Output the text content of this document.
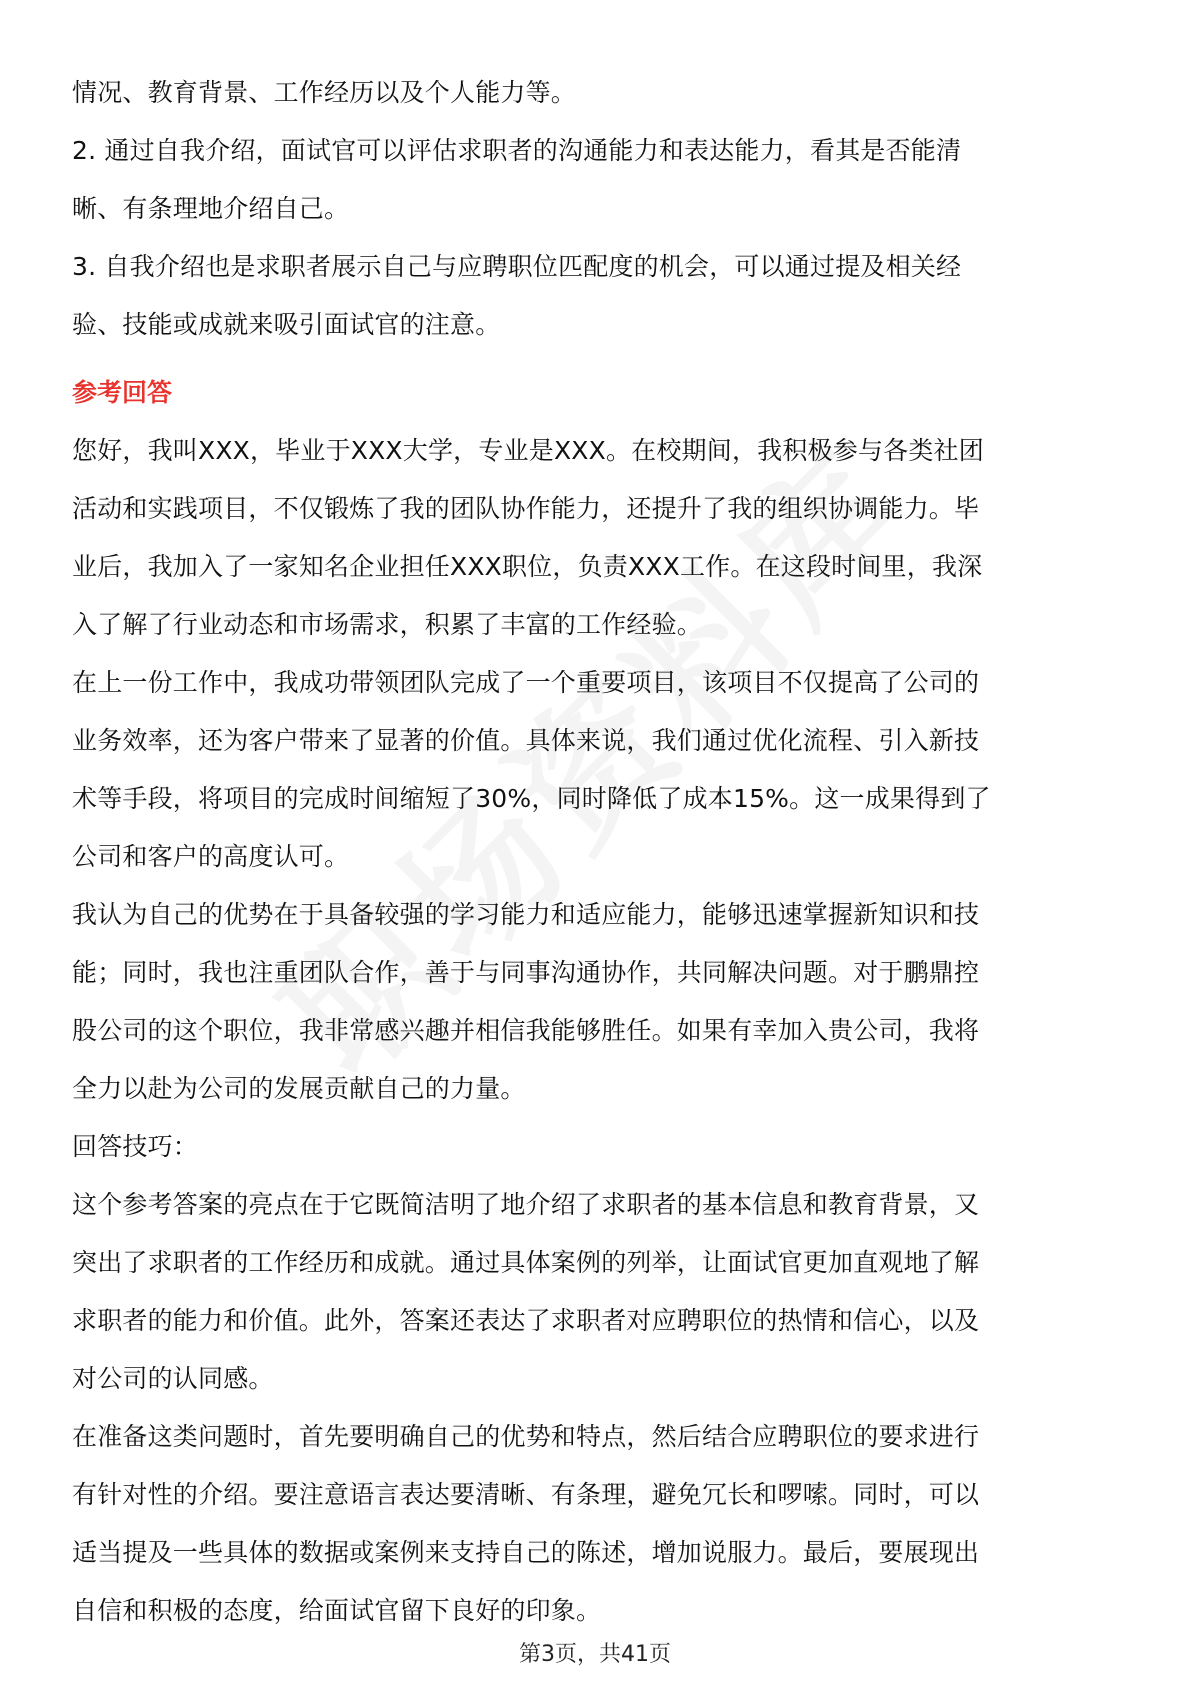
情况、教育背景、工作经历以及个人能力等。
2. 通过自我介绍，面试官可以评估求职者的沟通能力和表达能力，看其是否能清
晰、有条理地介绍自己。
3. 自我介绍也是求职者展示自己与应聘职位匹配度的机会，可以通过提及相关经
验、技能或成就来吸引面试官的注意。
参考回答
您好，我叫XXX，毕业于XXX大学，专业是XXX。在校期间，我积极参与各类社团
活动和实践项目，不仅锻炼了我的团队协作能力，还提升了我的组织协调能力。毕
业后，我加入了一家知名企业担任XXX职位，负责XXX工作。在这段时间里，我深
入了解了行业动态和市场需求，积累了丰富的工作经验。
在上一份工作中，我成功带领团队完成了一个重要项目，该项目不仅提高了公司的
业务效率，还为客户带来了显著的价值。具体来说，我们通过优化流程、引入新技
术等手段，将项目的完成时间缩短了30%，同时降低了成本15%。这一成果得到了
公司和客户的高度认可。
我认为自己的优势在于具备较强的学习能力和适应能力，能够迅速掌握新知识和技
能；同时，我也注重团队合作，善于与同事沟通协作，共同解决问题。对于鹏鼎控
股公司的这个职位，我非常感兴趣并相信我能够胜任。如果有幸加入贵公司，我将
全力以赴为公司的发展贡献自己的力量。
回答技巧：
这个参考答案的亮点在于它既简洁明了地介绍了求职者的基本信息和教育背景，又
突出了求职者的工作经历和成就。通过具体案例的列举，让面试官更加直观地了解
求职者的能力和价值。此外，答案还表达了求职者对应聘职位的热情和信心，以及
对公司的认同感。
在准备这类问题时，首先要明确自己的优势和特点，然后结合应聘职位的要求进行
有针对性的介绍。要注意语言表达要清晰、有条理，避免冗长和啰嗦。同时，可以
适当提及一些具体的数据或案例来支持自己的陈述，增加说服力。最后，要展现出
自信和积极的态度，给面试官留下良好的印象。
第3页，共41页
